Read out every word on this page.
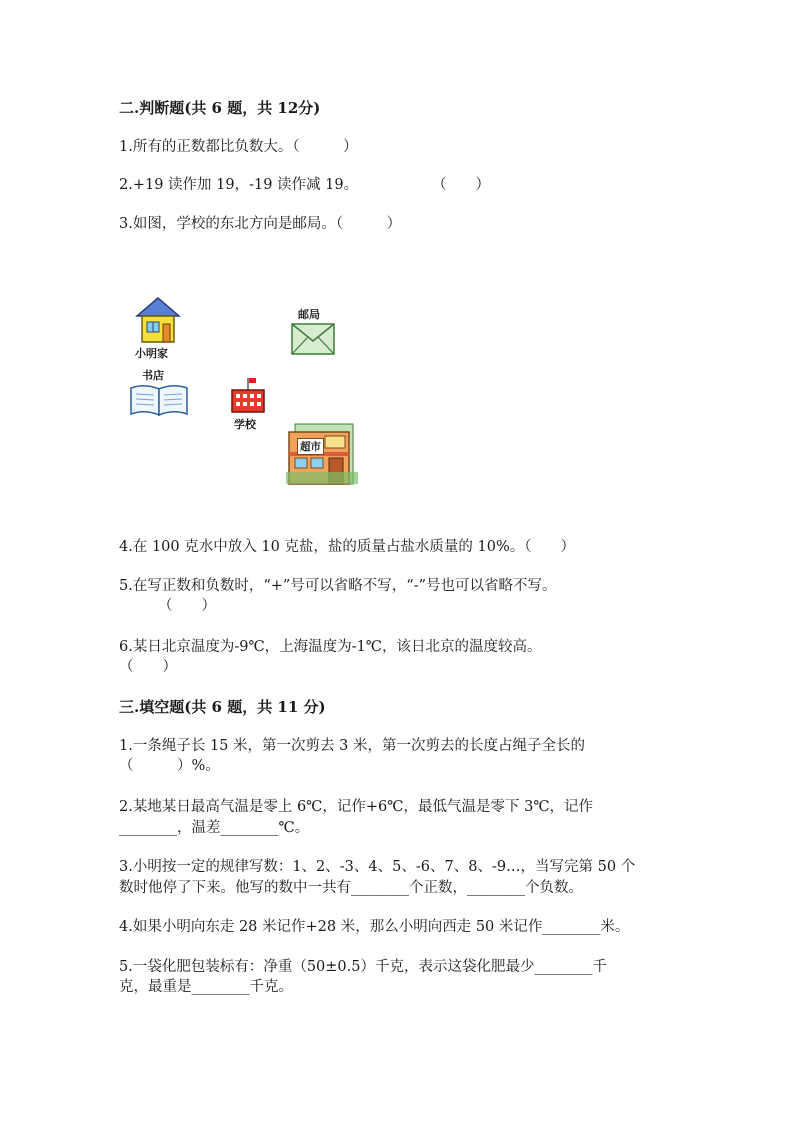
二.判断题(共 6 题，共 12分)
1.所有的正数都比负数大。（　　　）
2.+19 读作加 19，-19 读作减 19。	（　　）
3.如图，学校的东北方向是邮局。（　　　）
小明家
邮局
书店
学校
超市
4.在 100 克水中放入 10 克盐，盐的质量占盐水质量的 10%。（　　）
5.在写正数和负数时，“+”号可以省略不写，“-”号也可以省略不写。
（　　）
6.某日北京温度为-9℃，上海温度为-1℃，该日北京的温度较高。
（　　）
三.填空题(共 6 题，共 11 分)
1.一条绳子长 15 米，第一次剪去 3 米，第一次剪去的长度占绳子全长的
（　　　）%。
2.某地某日最高气温是零上 6℃，记作+6℃，最低气温是零下 3℃，记作
________，温差________℃。
3.小明按一定的规律写数：1、2、-3、4、5、-6、7、8、-9…，当写完第 50 个
数时他停了下来。他写的数中一共有________个正数，________个负数。
4.如果小明向东走 28 米记作+28 米，那么小明向西走 50 米记作________米。
5.一袋化肥包装标有：净重（50±0.5）千克，表示这袋化肥最少________千
克，最重是________千克。
